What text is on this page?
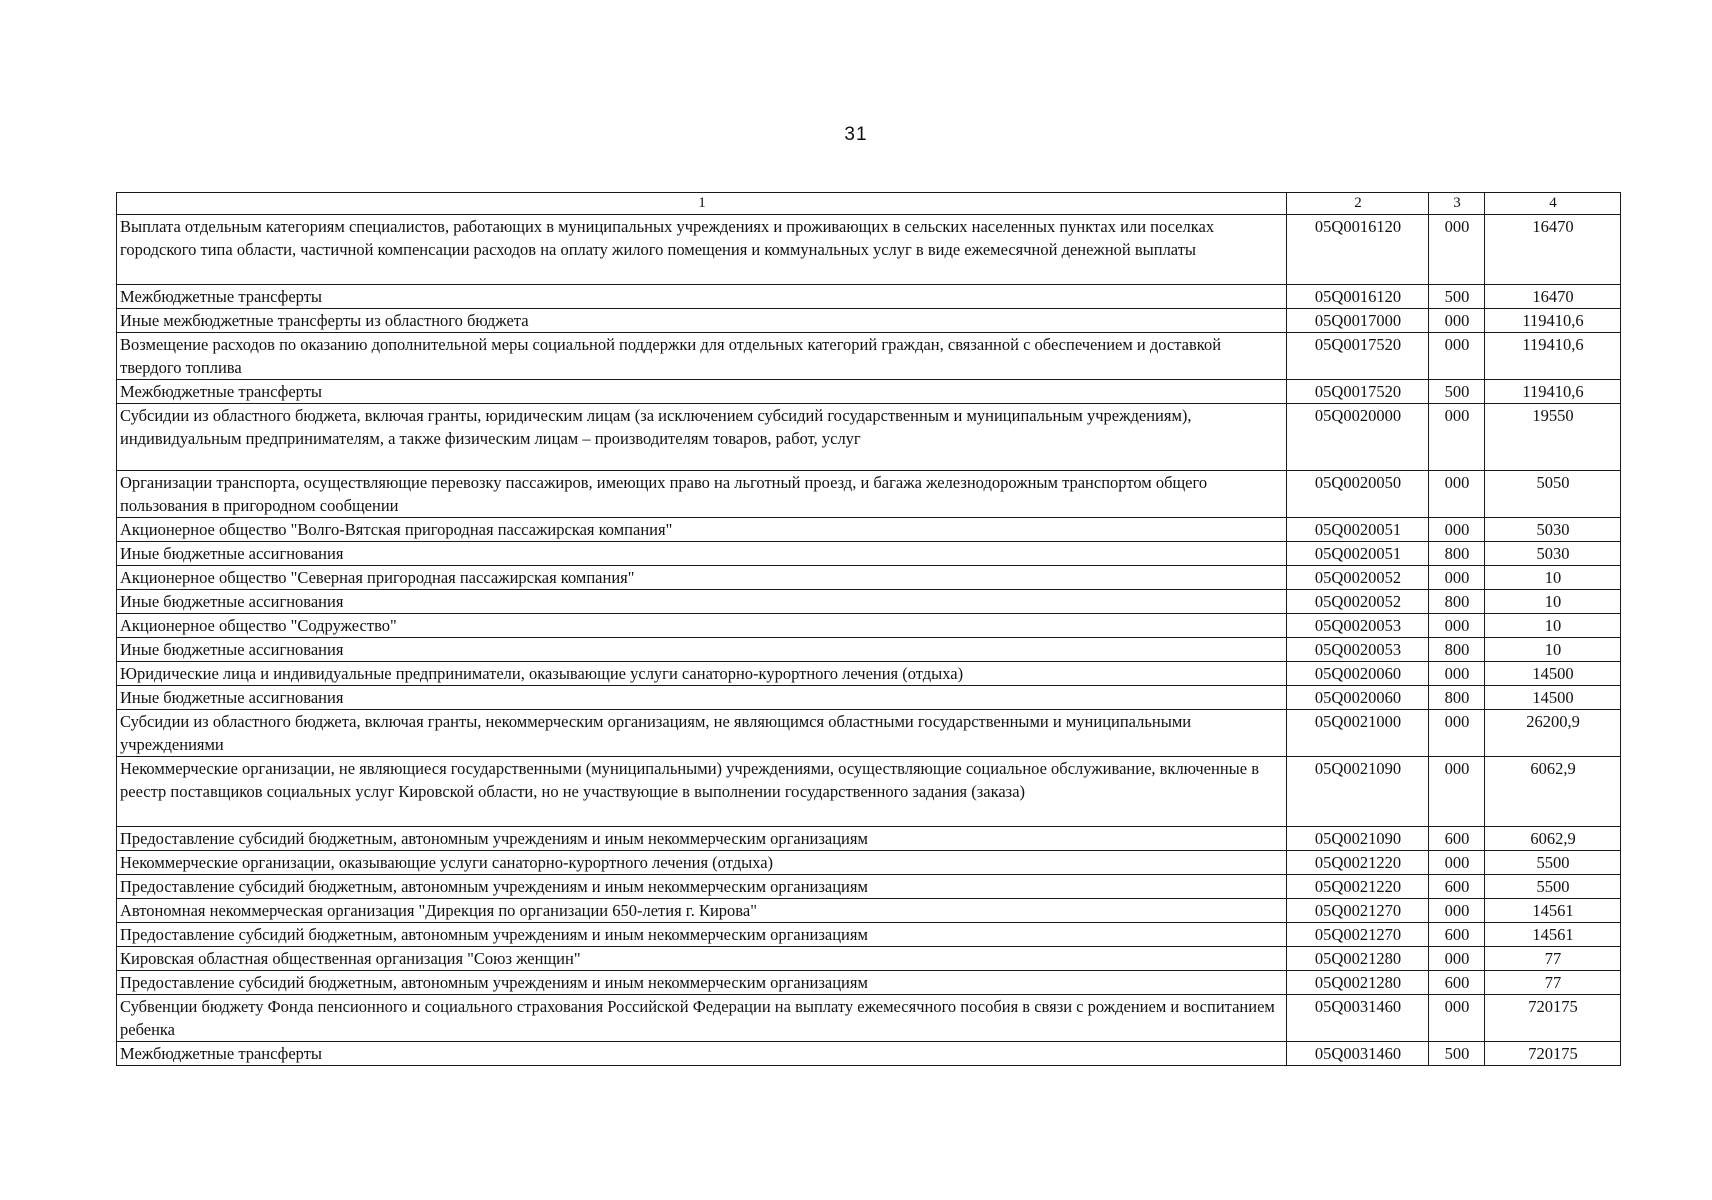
31
1	2	3	4
Выплата отдельным категориям специалистов, работающих в муниципальных учреждениях и проживающих в сельских населенных пунктах или поселках городского типа области, частичной компенсации расходов на оплату жилого помещения и коммунальных услуг в виде ежемесячной денежной выплаты	05Q0016120	000	16470
Межбюджетные трансферты	05Q0016120	500	16470
Иные межбюджетные трансферты из областного бюджета	05Q0017000	000	119410,6
Возмещение расходов по оказанию дополнительной меры социальной поддержки для отдельных категорий граждан, связанной с обеспечением и доставкой твердого топлива	05Q0017520	000	119410,6
Межбюджетные трансферты	05Q0017520	500	119410,6
Субсидии из областного бюджета, включая гранты, юридическим лицам (за исключением субсидий государственным и муниципальным учреждениям), индивидуальным предпринимателям, а также физическим лицам – производителям товаров, работ, услуг	05Q0020000	000	19550
Организации транспорта, осуществляющие перевозку пассажиров, имеющих право на льготный проезд, и багажа железнодорожным транспортом общего пользования в пригородном сообщении	05Q0020050	000	5050
Акционерное общество "Волго-Вятская пригородная пассажирская компания"	05Q0020051	000	5030
Иные бюджетные ассигнования	05Q0020051	800	5030
Акционерное общество "Северная пригородная пассажирская компания"	05Q0020052	000	10
Иные бюджетные ассигнования	05Q0020052	800	10
Акционерное общество "Содружество"	05Q0020053	000	10
Иные бюджетные ассигнования	05Q0020053	800	10
Юридические лица и индивидуальные предприниматели, оказывающие услуги санаторно-курортного лечения (отдыха)	05Q0020060	000	14500
Иные бюджетные ассигнования	05Q0020060	800	14500
Субсидии из областного бюджета, включая гранты, некоммерческим организациям, не являющимся областными государственными и муниципальными учреждениями	05Q0021000	000	26200,9
Некоммерческие организации, не являющиеся государственными (муниципальными) учреждениями, осуществляющие социальное обслуживание, включенные в реестр поставщиков социальных услуг Кировской области, но не участвующие в выполнении государственного задания (заказа)	05Q0021090	000	6062,9
Предоставление субсидий бюджетным, автономным учреждениям и иным некоммерческим организациям	05Q0021090	600	6062,9
Некоммерческие организации, оказывающие услуги санаторно-курортного лечения (отдыха)	05Q0021220	000	5500
Предоставление субсидий бюджетным, автономным учреждениям и иным некоммерческим организациям	05Q0021220	600	5500
Автономная некоммерческая организация "Дирекция по организации 650-летия г. Кирова"	05Q0021270	000	14561
Предоставление субсидий бюджетным, автономным учреждениям и иным некоммерческим организациям	05Q0021270	600	14561
Кировская областная общественная организация "Союз женщин"	05Q0021280	000	77
Предоставление субсидий бюджетным, автономным учреждениям и иным некоммерческим организациям	05Q0021280	600	77
Субвенции бюджету Фонда пенсионного и социального страхования Российской Федерации на выплату ежемесячного пособия в связи с рождением и воспитанием ребенка	05Q0031460	000	720175
Межбюджетные трансферты	05Q0031460	500	720175
